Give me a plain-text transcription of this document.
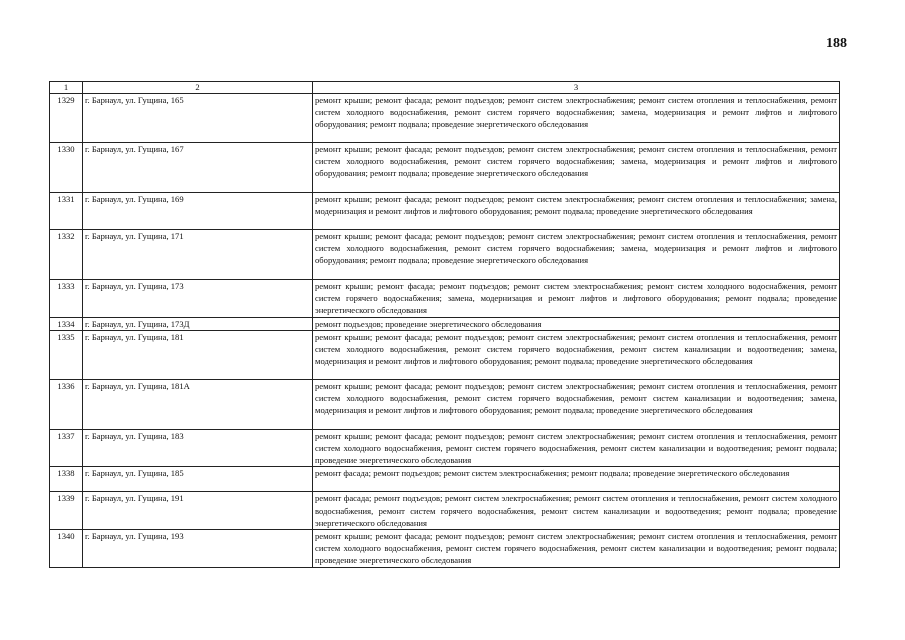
188
1	2	3
1329	г. Барнаул, ул. Гущина, 165	ремонт крыши; ремонт фасада; ремонт подъездов; ремонт систем электроснабжения; ремонт систем отопления и теплоснабжения, ремонт систем холодного водоснабжения, ремонт систем горячего водоснабжения; замена, модернизация и ремонт лифтов и лифтового оборудования; ремонт подвала; проведение энергетического обследования
1330	г. Барнаул, ул. Гущина, 167	ремонт крыши; ремонт фасада; ремонт подъездов; ремонт систем электроснабжения; ремонт систем отопления и теплоснабжения, ремонт систем холодного водоснабжения, ремонт систем горячего водоснабжения; замена, модернизация и ремонт лифтов и лифтового оборудования; ремонт подвала; проведение энергетического обследования
1331	г. Барнаул, ул. Гущина, 169	ремонт крыши; ремонт фасада; ремонт подъездов; ремонт систем электроснабжения; ремонт систем отопления и теплоснабжения; замена, модернизация и ремонт лифтов и лифтового оборудования; ремонт подвала; проведение энергетического обследования
1332	г. Барнаул, ул. Гущина, 171	ремонт крыши; ремонт фасада; ремонт подъездов; ремонт систем электроснабжения; ремонт систем отопления и теплоснабжения, ремонт систем холодного водоснабжения, ремонт систем горячего водоснабжения; замена, модернизация и ремонт лифтов и лифтового оборудования; ремонт подвала; проведение энергетического обследования
1333	г. Барнаул, ул. Гущина, 173	ремонт крыши; ремонт фасада; ремонт подъездов; ремонт систем электроснабжения; ремонт систем холодного водоснабжения, ремонт систем горячего водоснабжения; замена, модернизация и ремонт лифтов и лифтового оборудования; ремонт подвала; проведение энергетического обследования
1334	г. Барнаул, ул. Гущина, 173Д	ремонт подъездов; проведение энергетического обследования
1335	г. Барнаул, ул. Гущина, 181	ремонт крыши; ремонт фасада; ремонт подъездов; ремонт систем электроснабжения; ремонт систем отопления и теплоснабжения, ремонт систем холодного водоснабжения, ремонт систем горячего водоснабжения, ремонт систем канализации и водоотведения; замена, модернизация и ремонт лифтов и лифтового оборудования; ремонт подвала; проведение энергетического обследования
1336	г. Барнаул, ул. Гущина, 181А	ремонт крыши; ремонт фасада; ремонт подъездов; ремонт систем электроснабжения; ремонт систем отопления и теплоснабжения, ремонт систем холодного водоснабжения, ремонт систем горячего водоснабжения, ремонт систем канализации и водоотведения; замена, модернизация и ремонт лифтов и лифтового оборудования; ремонт подвала; проведение энергетического обследования
1337	г. Барнаул, ул. Гущина, 183	ремонт крыши; ремонт фасада; ремонт подъездов; ремонт систем электроснабжения; ремонт систем отопления и теплоснабжения, ремонт систем холодного водоснабжения, ремонт систем горячего водоснабжения, ремонт систем канализации и водоотведения; ремонт подвала; проведение энергетического обследования
1338	г. Барнаул, ул. Гущина, 185	ремонт фасада; ремонт подъездов; ремонт систем электроснабжения; ремонт подвала; проведение энергетического обследования
1339	г. Барнаул, ул. Гущина, 191	ремонт фасада; ремонт подъездов; ремонт систем электроснабжения; ремонт систем отопления и теплоснабжения, ремонт систем холодного водоснабжения, ремонт систем горячего водоснабжения, ремонт систем канализации и водоотведения; ремонт подвала; проведение энергетического обследования
1340	г. Барнаул, ул. Гущина, 193	ремонт крыши; ремонт фасада; ремонт подъездов; ремонт систем электроснабжения; ремонт систем отопления и теплоснабжения, ремонт систем холодного водоснабжения, ремонт систем горячего водоснабжения, ремонт систем канализации и водоотведения; ремонт подвала; проведение энергетического обследования
